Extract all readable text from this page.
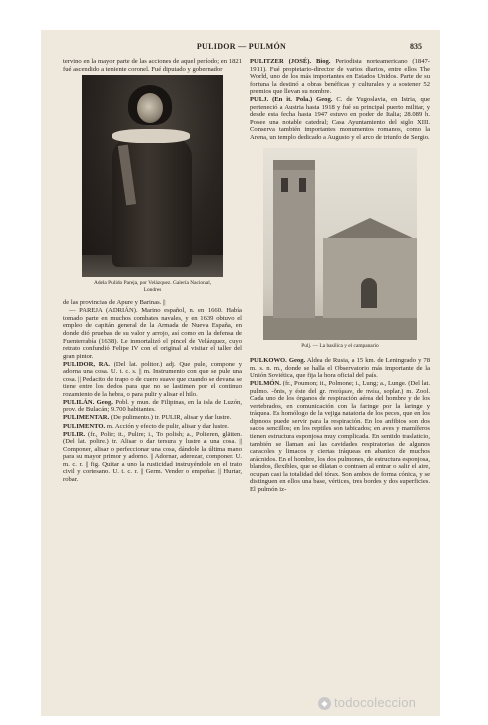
PULIDOR — PULMÓN	835

tervino en la mayor parte de las acciones de aquel período; en 1821 fué ascendido a teniente coronel. Fué diputado y gobernador

Adela Pulido Pareja, por Velázquez. Galería Nacional,
Londres

de las provincias de Apure y Barinas. ||

— PAREJA (ADRIÁN). Marino español, n. en 1660. Había tomado parte en muchos combates navales, y en 1639 obtuvo el empleo de capitán general de la Armada de Nueva España, en donde dió pruebas de su valor y arrojo, así como en la defensa de Fuenterrabía (1638). Le inmortalizó el pincel de Velázquez, cuyo retrato confundió Felipe IV con el original al visitar el taller del gran pintor.

PULIDOR, RA. (Del lat. politor.) adj. Que pule, compone y adorna una cosa. U. t. c. s. || m. Instrumento con que se pule una cosa. || Pedacito de trapo o de cuero suave que cuando se devana se tiene entre los dedos para que no se lastimen por el continuo rozamiento de la hebra, o para pulir y alisar el hilo.

PULILÁN. Geog. Pobl. y mun. de Filipinas, en la isla de Luzón, prov. de Bulacán; 9.700 habitantes.

PULIMENTAR. (De pulimento.) tr. PULIR, alisar y dar lustre.

PULIMENTO. m. Acción y efecto de pulir, alisar y dar lustre.

PULIR. (fr., Polir; it., Pulire; i., To polish; a., Polieren, glätten. (Del lat. polire.) tr. Alisar o dar tersura y lustre a una cosa. || Componer, alisar o perfeccionar una cosa, dándole la última mano para su mayor primor y adorno. || Adornar, aderezar, componer. U. m. c. r. || fig. Quitar a uno la rusticidad instruyéndole en el trato civil y cortesano. U. t. c. r. || Germ. Vender o empeñar. || Hurtar, robar.

PULITZER (JOSÉ). Biog. Periodista norteamericano (1847-1911). Fué propietario-director de varios diarios, entre ellos The World, uno de los más importantes en Estados Unidos. Parte de su fortuna la destinó a obras benéficas y culturales y a sostener 52 premios que llevan su nombre.

PULJ. (En it. Pola.) Geog. C. de Yugoslavia, en Istria, que perteneció a Austria hasta 1918 y fué su principal puerto militar, y desde esta fecha hasta 1947 estuvo en poder de Italia; 28.089 h. Posee una notable catedral; Casa Ayuntamiento del siglo XIII. Conserva también importantes monumentos romanos, como la Arena, un templo dedicado a Augusto y el arco de triunfo de Sergio.

Pulj. — La basílica y el campanario

PULKOWO. Geog. Aldea de Rusia, a 15 km. de Leningrado y 78 m. s. n. m., donde se halla el Observatorio más importante de la Unión Soviética, que fija la hora oficial del país.

PULMÓN. (fr., Poumon; it., Polmone; i., Lung; a., Lunge. (Del lat. pulmo. -ŏnis, y éste del gr. πνεύμων, de πνέω, soplar.) m. Zool. Cada uno de los órganos de respiración aérea del hombre y de los vertebrados, en comunicación con la faringe por la laringe y tráquea. Es homólogo de la vejiga natatoria de los peces, que en los dipnoos puede servir para la respiración. En los anfibios son dos sacos sencillos; en los reptiles son tabicados; en aves y mamíferos tienen estructura esponjosa muy complicada. En sentido traslaticio, también se llaman así las cavidades respiratorias de algunos caracoles y limacos y ciertas tráqueas en abanico de muchos arácnidos. En el hombre, los dos pulmones, de estructura esponjosa, blandos, flexibles, que se dilatan o contraen al entrar o salir el aire, ocupan casi la totalidad del tórax. Son ambos de forma cónica, y se distinguen en ellos una base, vértices, tres bordes y dos superficies. El pulmón iz-

◆ todocoleccion
